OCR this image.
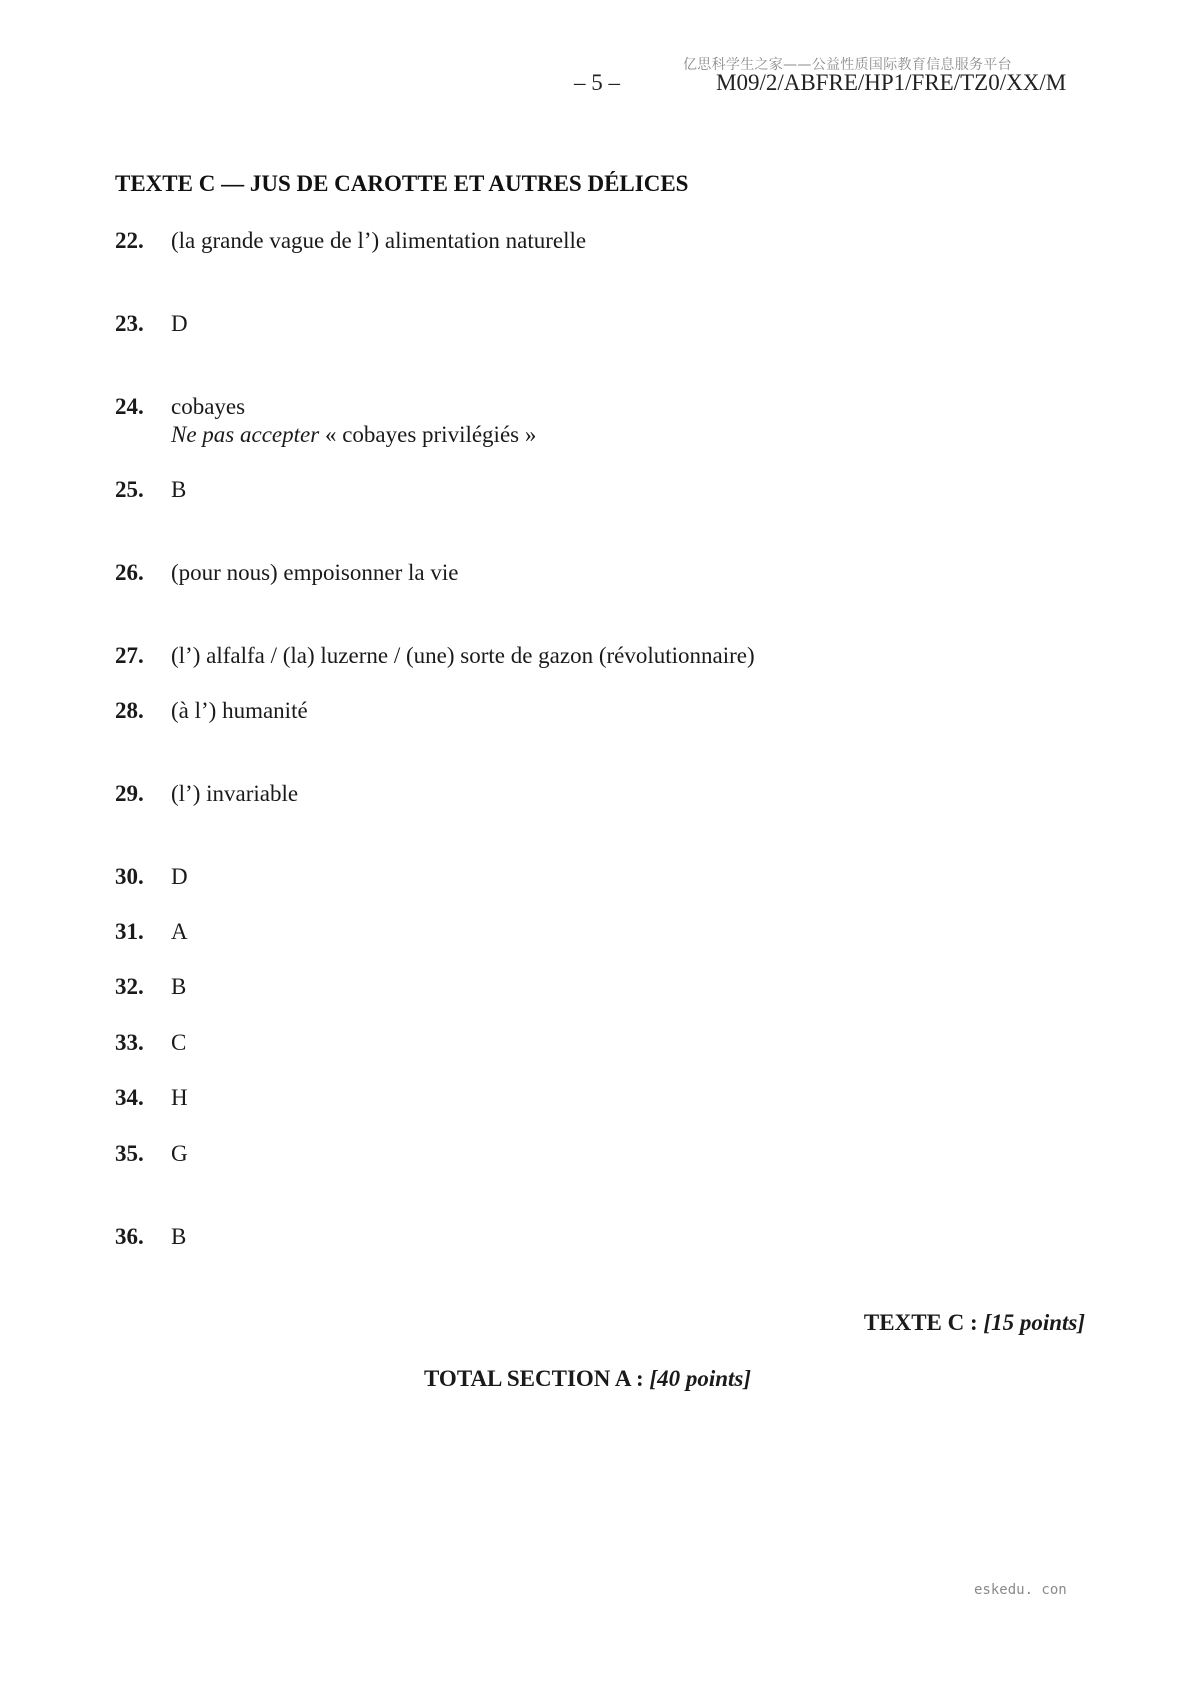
亿思科学生之家——公益性质国际教育信息服务平台
– 5 –	M09/2/ABFRE/HP1/FRE/TZ0/XX/M
TEXTE C — JUS DE CAROTTE ET AUTRES DÉLICES
22. (la grande vague de l’) alimentation naturelle
23. D
24. cobayes
Ne pas accepter « cobayes privilégiés »
25. B
26. (pour nous) empoisonner la vie
27. (l’) alfalfa / (la) luzerne / (une) sorte de gazon (révolutionnaire)
28. (à l’) humanité
29. (l’) invariable
30. D
31. A
32. B
33. C
34. H
35. G
36. B
TEXTE C : [15 points]
TOTAL SECTION A : [40 points]
eskedu. con
